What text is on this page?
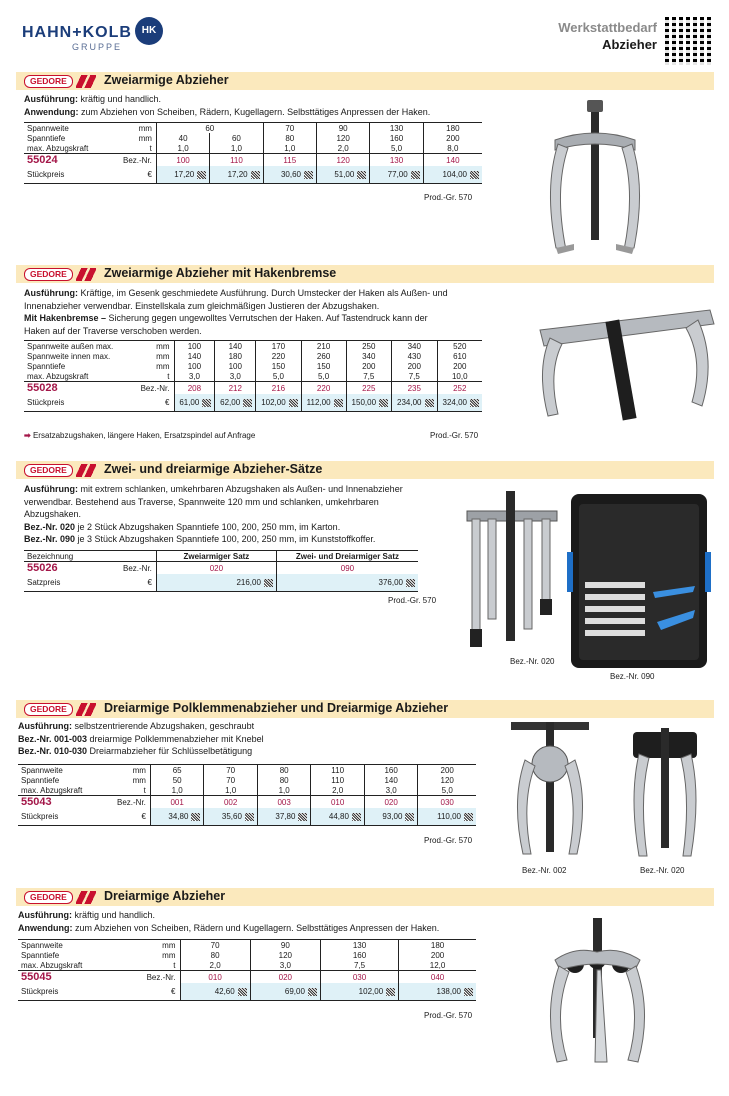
HAHN+KOLB
GRUPPE
HK	Werkstattbedarf
Abzieher
GEDORE	Zweiarmige Abzieher
Ausführung: kräftig und handlich.
Anwendung: zum Abziehen von Scheiben, Rädern, Kugellagern. Selbsttätiges Anpressen der Haken.
Spannweite	mm	60		70	90	130	180
Spanntiefe	mm	40	60	80	120	160	200
max. Abzugskraft	t	1,0	1,0	1,0	2,0	5,0	8,0
55024	Bez.-Nr.	100	110	115	120	130	140
Stückpreis	€	17,20	17,20	30,60	51,00	77,00	104,00
Prod.-Gr. 570
GEDORE	Zweiarmige Abzieher mit Hakenbremse
Ausführung: Kräftige, im Gesenk geschmiedete Ausführung. Durch Umstecker der Haken als Außen- und
Innenabzieher verwendbar. Einstellskala zum gleichmäßigen Justieren der Abzugshaken.
Mit Hakenbremse – Sicherung gegen ungewolltes Verrutschen der Haken. Auf Tastendruck kann der
Haken auf der Traverse verschoben werden.
Spannweite außen max.	mm	100	140	170	210	250	340	520
Spannweite innen max.	mm	140	180	220	260	340	430	610
Spanntiefe	mm	100	100	150	150	200	200	200
max. Abzugskraft	t	3,0	3,0	5,0	5,0	7,5	7,5	10,0
55028	Bez.-Nr.	208	212	216	220	225	235	252
Stückpreis	€	61,00	62,00	102,00	112,00	150,00	234,00	324,00
➡ Ersatzabzugshaken, längere Haken, Ersatzspindel auf Anfrage	Prod.-Gr. 570
GEDORE	Zwei- und dreiarmige Abzieher-Sätze
Ausführung: mit extrem schlanken, umkehrbaren Abzugshaken als Außen- und Innenabzieher
verwendbar. Bestehend aus Traverse, Spannweite 120 mm und schlanken, umkehrbaren
Abzugshaken.
Bez.-Nr. 020 je 2 Stück Abzugshaken Spanntiefe 100, 200, 250 mm, im Karton.
Bez.-Nr. 090 je 3 Stück Abzugshaken Spanntiefe 100, 200, 250 mm, im Kunststoffkoffer.
Bezeichnung		Zweiarmiger Satz	Zwei- und Dreiarmiger Satz
55026	Bez.-Nr.	020	090
Satzpreis	€	216,00	376,00
Prod.-Gr. 570
Bez.-Nr. 020
Bez.-Nr. 090
GEDORE	Dreiarmige Polklemmenabzieher und Dreiarmige Abzieher
Ausführung: selbstzentrierende Abzugshaken, geschraubt
Bez.-Nr. 001-003 dreiarmige Polklemmenabzieher mit Knebel
Bez.-Nr. 010-030 Dreiarmabzieher für Schlüsselbetätigung
Spannweite	mm	65	70	80	110	160	200
Spanntiefe	mm	50	70	80	110	140	120
max. Abzugskraft	t	1,0	1,0	1,0	2,0	3,0	5,0
55043	Bez.-Nr.	001	002	003	010	020	030
Stückpreis	€	34,80	35,60	37,80	44,80	93,00	110,00
Prod.-Gr. 570
Bez.-Nr. 002	Bez.-Nr. 020
GEDORE	Dreiarmige Abzieher
Ausführung: kräftig und handlich.
Anwendung: zum Abziehen von Scheiben, Rädern und Kugellagern. Selbsttätiges Anpressen der Haken.
Spannweite	mm	70	90	130	180
Spanntiefe	mm	80	120	160	200
max. Abzugskraft	t	2,0	3,0	7,5	12,0
55045	Bez.-Nr.	010	020	030	040
Stückpreis	€	42,60	69,00	102,00	138,00
Prod.-Gr. 570
